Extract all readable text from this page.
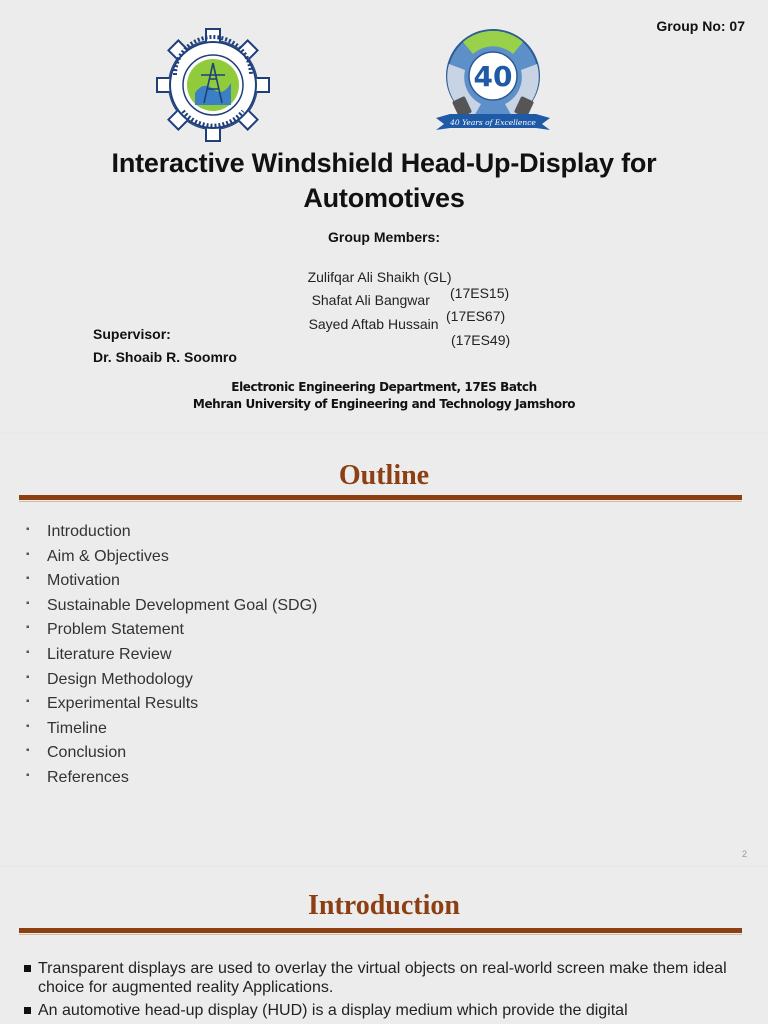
Group No: 07
40
40 Years of Excellence
Interactive Windshield Head-Up-Display for
Automotives
Group Members:

Zulifqar Ali Shaikh (GL)

(17ES15)

Shafat Ali Bangwar

(17ES67)

Sayed Aftab Hussain

(17ES49)

Supervisor:
Dr. Shoaib R. Soomro
Electronic Engineering Department, 17ES Batch
Mehran University of Engineering and Technology Jamshoro
Outline
▪ Introduction
▪ Aim & Objectives
▪ Motivation
▪ Sustainable Development Goal (SDG)
▪ Problem Statement
▪ Literature Review
▪ Design Methodology
▪ Experimental Results
▪ Timeline
▪ Conclusion
▪ References
2
Introduction
Transparent displays are used to overlay the virtual objects on real-world screen make them ideal choice for augmented reality Applications.
An automotive head-up display (HUD) is a display medium which provide the digital
